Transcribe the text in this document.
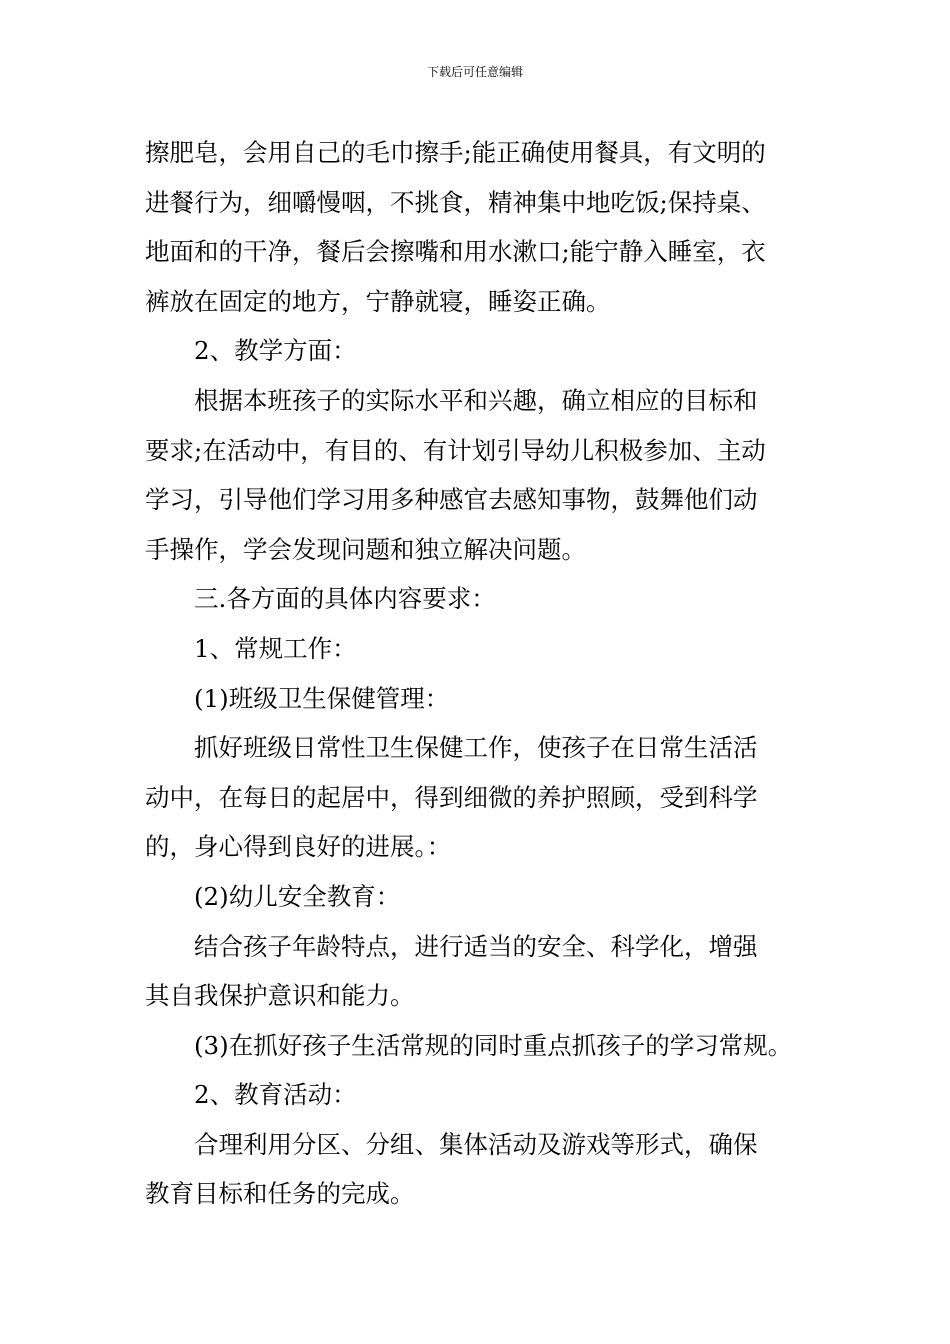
下载后可任意编辑

擦肥皂，会用自己的毛巾擦手;能正确使用餐具，有文明的

进餐行为，细嚼慢咽，不挑食，精神集中地吃饭;保持桌、

地面和的干净，餐后会擦嘴和用水漱口;能宁静入睡室，衣

裤放在固定的地方，宁静就寝，睡姿正确。

2、教学方面：

根据本班孩子的实际水平和兴趣，确立相应的目标和

要求;在活动中，有目的、有计划引导幼儿积极参加、主动

学习，引导他们学习用多种感官去感知事物，鼓舞他们动

手操作，学会发现问题和独立解决问题。

三.各方面的具体内容要求：

1、常规工作：

(1)班级卫生保健管理：

抓好班级日常性卫生保健工作，使孩子在日常生活活

动中，在每日的起居中，得到细微的养护照顾，受到科学

的，身心得到良好的进展。：

(2)幼儿安全教育：

结合孩子年龄特点，进行适当的安全、科学化，增强

其自我保护意识和能力。

(3)在抓好孩子生活常规的同时重点抓孩子的学习常规。

2、教育活动：

合理利用分区、分组、集体活动及游戏等形式，确保

教育目标和任务的完成。
